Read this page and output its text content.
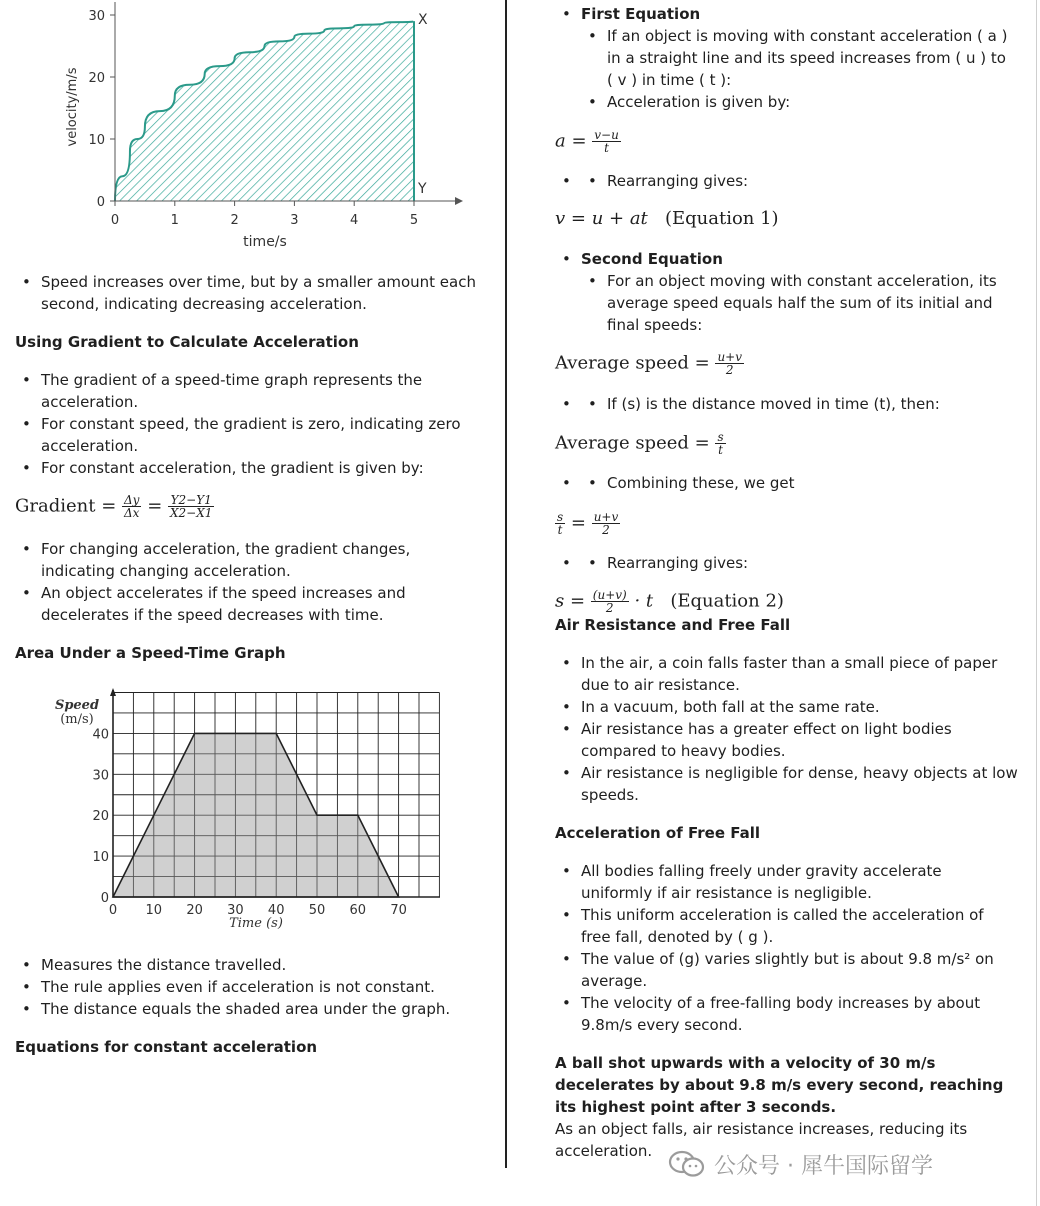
0
10
20
30
0	1	2	3	4	5
X
Y
time/s
velocity/m/s
• Speed increases over time, but by a smaller amount each second, indicating decreasing acceleration.
Using Gradient to Calculate Acceleration
• The gradient of a speed-time graph represents the acceleration.
• For constant speed, the gradient is zero, indicating zero acceleration.
• For constant acceleration, the gradient is given by:
Gradient = $\frac{\Delta y}{\Delta x} = \frac{Y2-Y1}{X2-X1}$
• For changing acceleration, the gradient changes, indicating changing acceleration.
• An object accelerates if the speed increases and decelerates if the speed decreases with time.
Area Under a Speed-Time Graph
0
10
20
30
40
0 10 20 30 40 50 60 70
Speed
(m/s)
Time (s)
• Measures the distance travelled.
• The rule applies even if acceleration is not constant.
• The distance equals the shaded area under the graph.
Equations for constant acceleration
• First Equation
• If an object is moving with constant acceleration ( a ) in a straight line and its speed increases from ( u ) to ( v ) in time ( t ):
• Acceleration is given by:
$a = \frac{v-u}{t}$
• • Rearranging gives:
v = u + at (Equation 1)
• Second Equation
• For an object moving with constant acceleration, its average speed equals half the sum of its initial and final speeds:
Average speed = $\frac{u+v}{2}$
• • If (s) is the distance moved in time (t), then:
Average speed = $\frac{s}{t}$
• • Combining these, we get
$\frac{s}{t} = \frac{u+v}{2}$
• • Rearranging gives:
$s = \frac{(u+v)}{2} \cdot t$ (Equation 2)
Air Resistance and Free Fall
• In the air, a coin falls faster than a small piece of paper due to air resistance.
• In a vacuum, both fall at the same rate.
• Air resistance has a greater effect on light bodies compared to heavy bodies.
• Air resistance is negligible for dense, heavy objects at low speeds.
Acceleration of Free Fall
• All bodies falling freely under gravity accelerate uniformly if air resistance is negligible.
• This uniform acceleration is called the acceleration of free fall, denoted by ( g ).
• The value of (g) varies slightly but is about 9.8 m/s² on average.
• The velocity of a free-falling body increases by about 9.8m/s every second.
A ball shot upwards with a velocity of 30 m/s decelerates by about 9.8 m/s every second, reaching its highest point after 3 seconds.
As an object falls, air resistance increases, reducing its acceleration.
公众号 · 犀牛国际留学
